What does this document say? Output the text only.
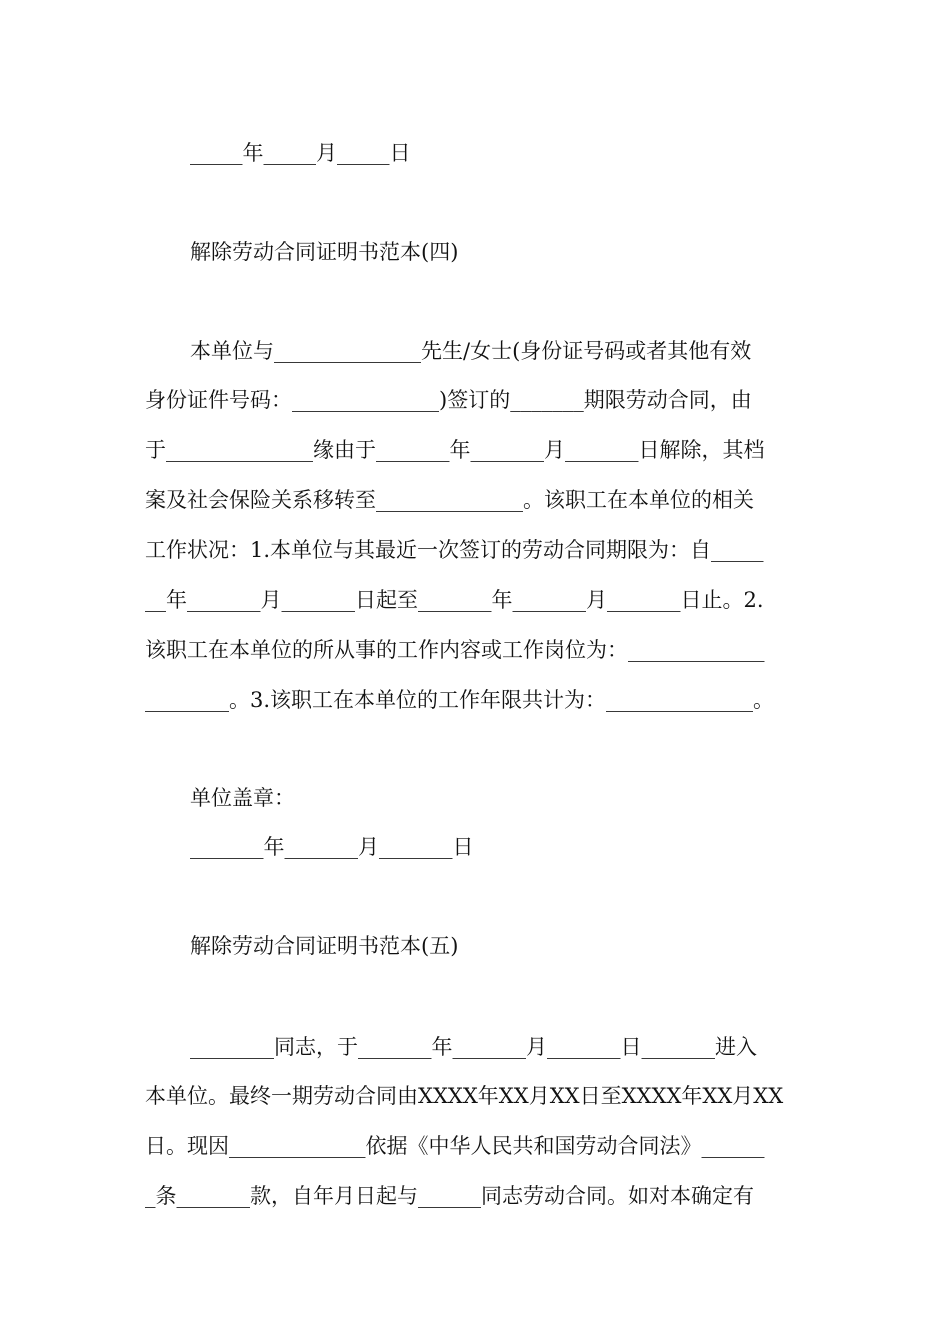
_____年_____月_____日
解除劳动合同证明书范本(四)
本单位与______________先生/女士(身份证号码或者其他有效
身份证件号码：______________)签订的_______期限劳动合同，由
于______________缘由于_______年_______月_______日解除，其档
案及社会保险关系移转至______________。该职工在本单位的相关
工作状况：1.本单位与其最近一次签订的劳动合同期限为：自_____
__年_______月_______日起至_______年_______月_______日止。2.
该职工在本单位的所从事的工作内容或工作岗位为：_____________
________。3.该职工在本单位的工作年限共计为：______________。
单位盖章：
_______年_______月_______日
解除劳动合同证明书范本(五)
________同志，于_______年_______月_______日_______进入
本单位。最终一期劳动合同由XXXX年XX月XX日至XXXX年XX月XX
日。现因_____________依据《中华人民共和国劳动合同法》______
_条_______款，自年月日起与______同志劳动合同。如对本确定有
